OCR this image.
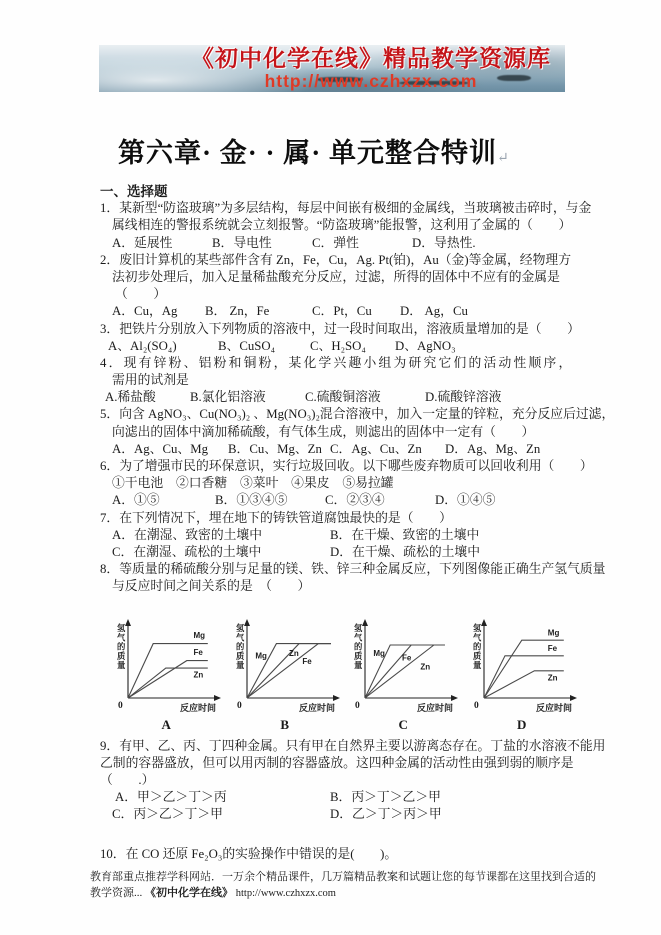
《初中化学在线》精品教学资源库
http://www.czhxzx.com
第六章· 金· · 属· 单元整合特训↵
一、选择题
1．某新型“防盗玻璃”为多层结构，每层中间嵌有极细的金属线，当玻璃被击碎时，与金
属线相连的警报系统就会立刻报警。“防盗玻璃”能报警，这利用了金属的（　　）
A．延展性	B．导电性	C．弹性	D．导热性.
2．废旧计算机的某些部件含有 Zn，Fe，Cu，Ag. Pt(铂)，Au（金)等金属，经物理方
法初步处理后，加入足量稀盐酸充分反应，过滤，所得的固体中不应有的金属是
（　　）
A．Cu，Ag	B． Zn，Fe	C．Pt，Cu	D． Ag，Cu
3．把铁片分别放入下列物质的溶液中，过一段时间取出，溶液质量增加的是（　　）
A、Al₂(SO₄)	B、CuSO₄	C、H₂SO₄	D、AgNO₃
4．现有锌粉、铝粉和铜粉，某化学兴趣小组为研究它们的活动性顺序，
需用的试剂是
A.稀盐酸	B.氯化铝溶液	C.硫酸铜溶液	D.硫酸锌溶液
5．向含 AgNO₃、Cu(NO₃)₂ 、Mg(NO₃)₂混合溶液中，加入一定量的锌粒，充分反应后过滤，
向滤出的固体中滴加稀硫酸，有气体生成，则滤出的固体中一定有（　　）
A．Ag、Cu、Mg	B．Cu、Mg、Zn C．Ag、Cu、Zn	D．Ag、Mg、Zn
6．为了增强市民的环保意识，实行垃圾回收。以下哪些废弃物质可以回收利用（　　）
①干电池　②口香糖　③菜叶　④果皮　⑤易拉罐
A．①⑤	B．①③④⑤	C．②③④	D．①④⑤
7．在下列情况下，埋在地下的铸铁管道腐蚀最快的是（　　）
A．在潮湿、致密的土壤中	B．在干燥、致密的土壤中
C．在潮湿、疏松的土壤中	D．在干燥、疏松的土壤中
8．等质量的稀硫酸分别与足量的镁、铁、锌三种金属反应，下列图像能正确生产氢气质量
与反应时间之间关系的是　（　　）
0	反应时间
氢气的质量
Mg
Fe
Zn
A
0	反应时间
氢气的质量
Mg	Zn
Fe
B
0	反应时间
氢气的质量
Mg
Fe
Zn
C
0	反应时间
氢气的质量
Mg
Fe
Zn
D
9．有甲、乙、丙、丁四种金属。只有甲在自然界主要以游离态存在。丁盐的水溶液不能用
乙制的容器盛放，但可以用丙制的容器盛放。这四种金属的活动性由强到弱的顺序是
（　　.）
A．甲＞乙＞丁＞丙	B．丙＞丁＞乙＞甲
C．丙＞乙＞丁＞甲	D．乙＞丁＞丙＞甲
10．在 CO 还原 Fe₂O₃的实验操作中错误的是(　　)。
教育部重点推荐学科网站．一万余个精品课件，几万篇精品教案和试题让您的每节课都在这里找到合适的
教学资源... 《初中化学在线》 http://www.czhxzx.com
